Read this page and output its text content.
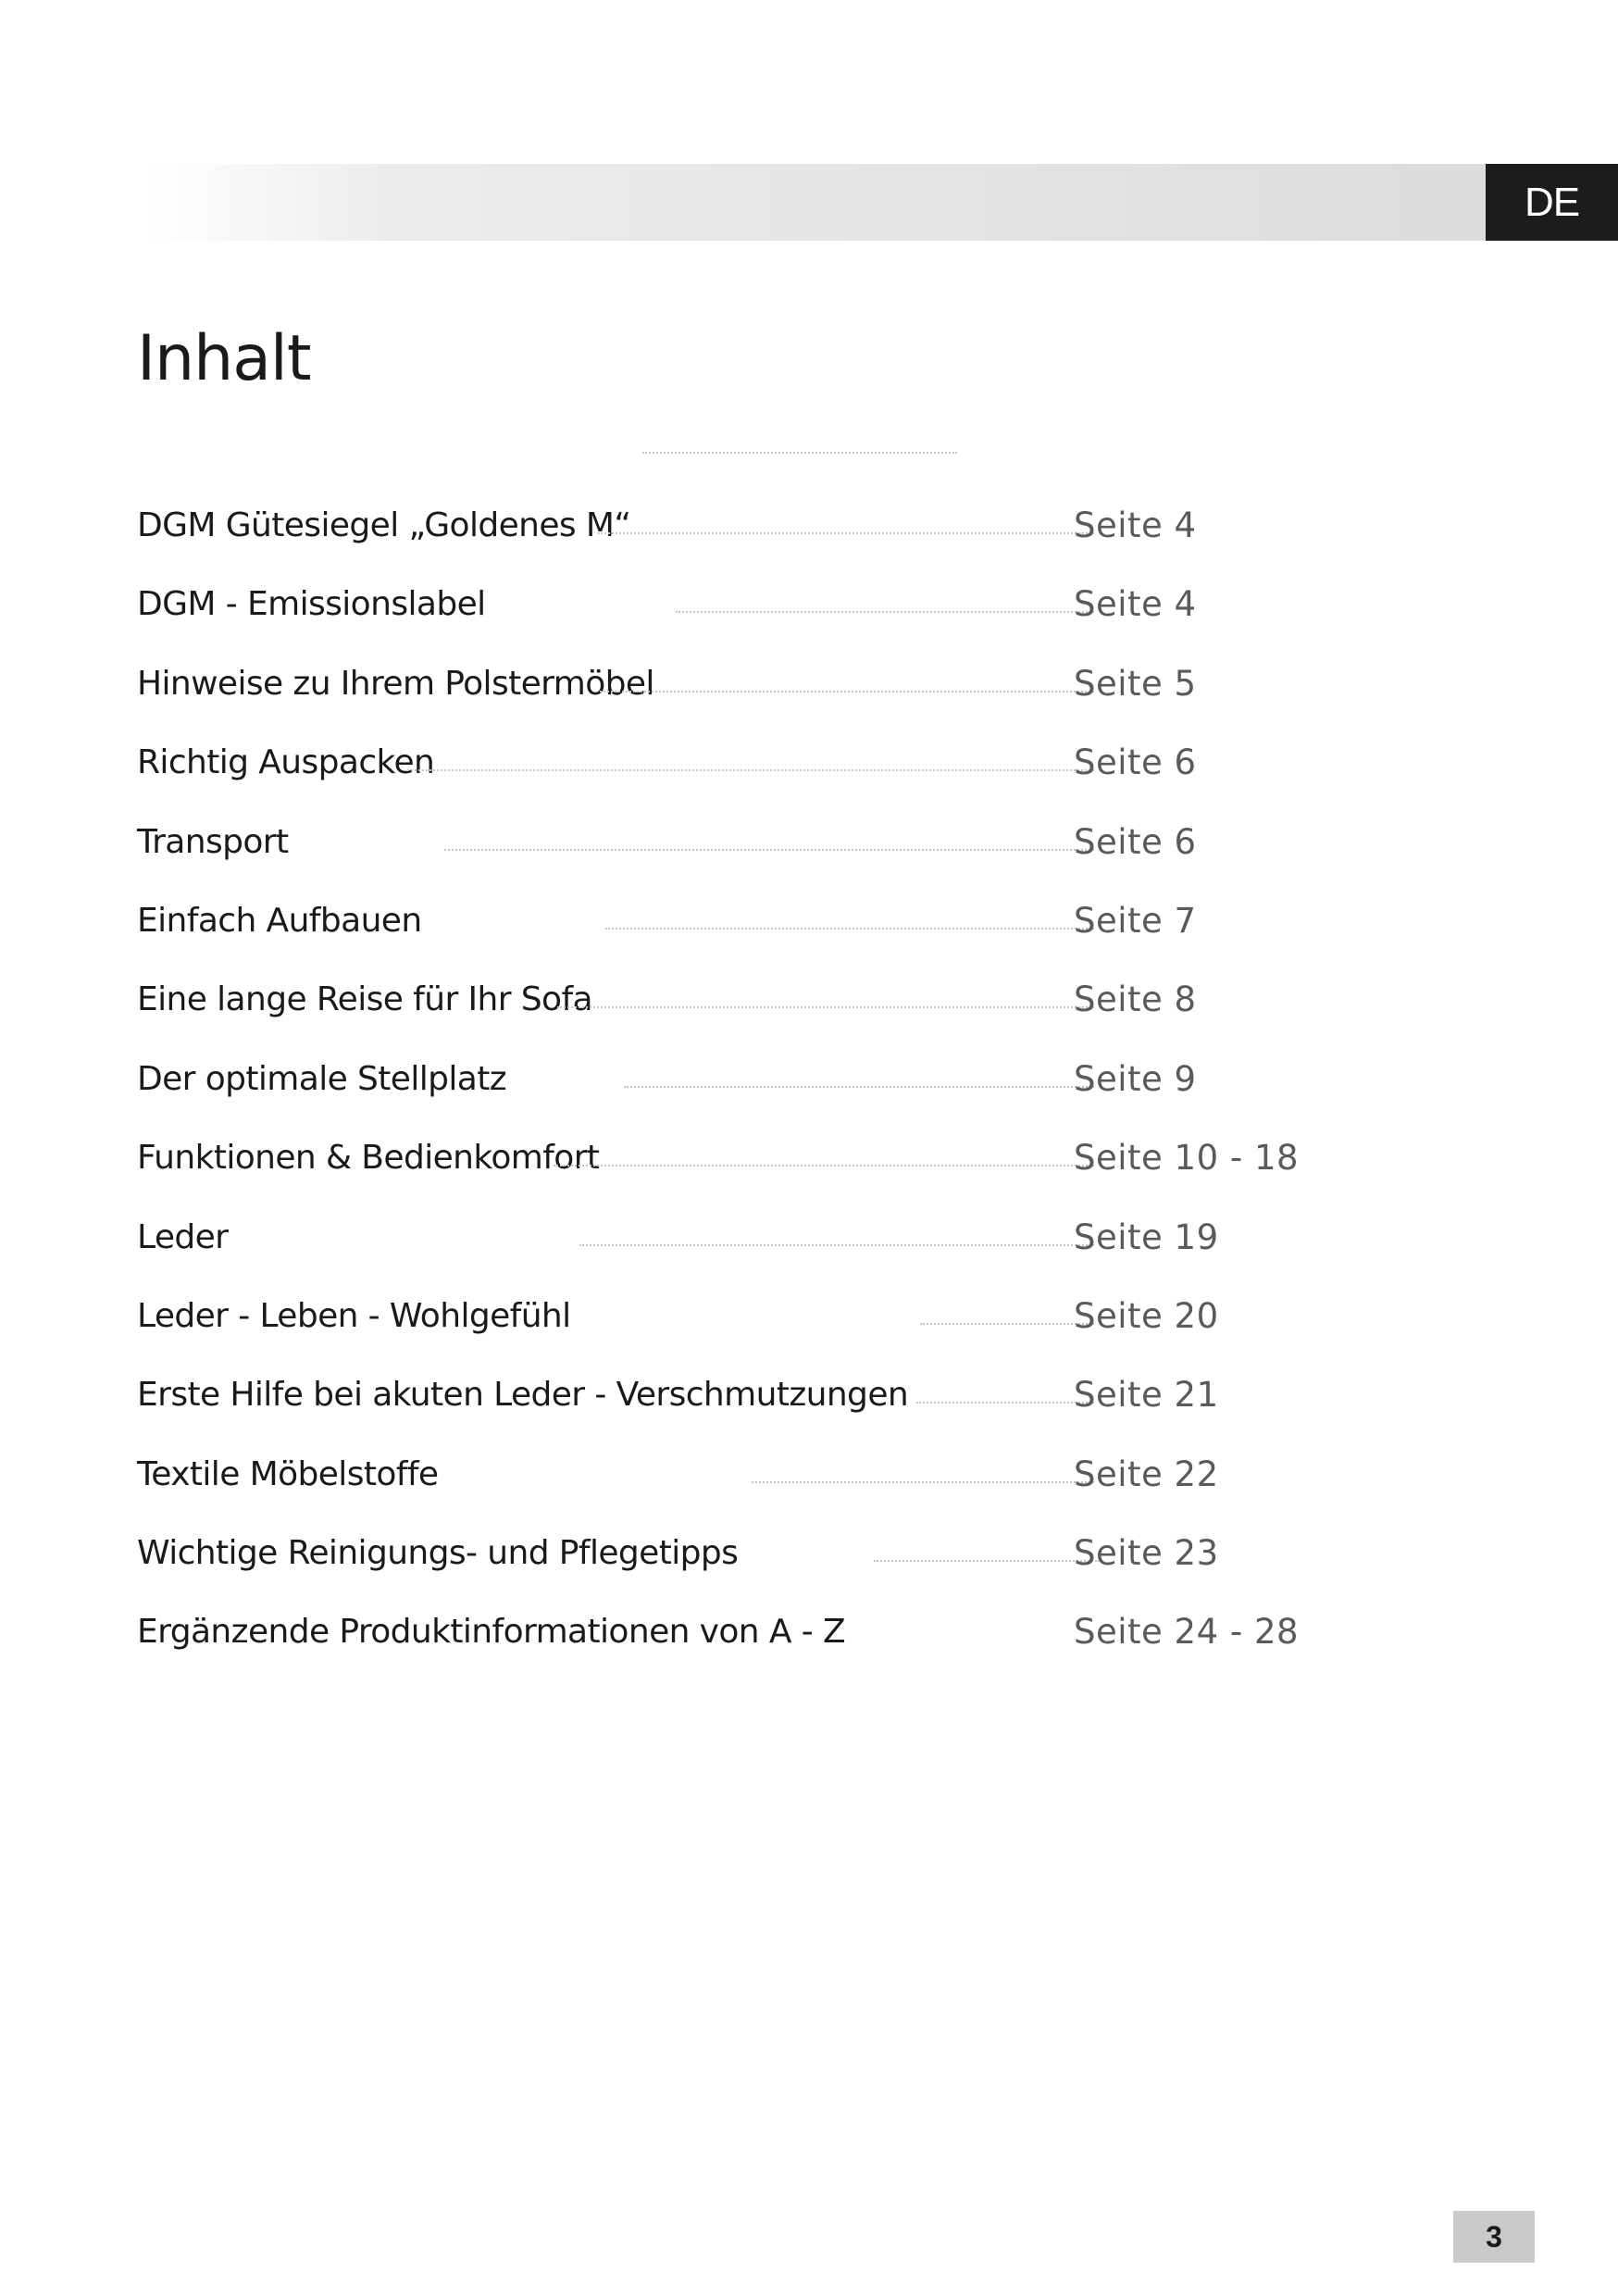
DE
Inhalt
DGM Gütesiegel „Goldenes M“	Seite 4
DGM - Emissionslabel	Seite 4
Hinweise zu Ihrem Polstermöbel	Seite 5
Richtig Auspacken	Seite 6
Transport	Seite 6
Einfach Aufbauen	Seite 7
Eine lange Reise für Ihr Sofa	Seite 8
Der optimale Stellplatz	Seite 9
Funktionen & Bedienkomfort	Seite 10 - 18
Leder	Seite 19
Leder - Leben - Wohlgefühl	Seite 20
Erste Hilfe bei akuten Leder - Verschmutzungen	Seite 21
Textile Möbelstoffe	Seite 22
Wichtige Reinigungs- und Pflegetipps	Seite 23
Ergänzende Produktinformationen von A - Z	Seite 24 - 28
3
